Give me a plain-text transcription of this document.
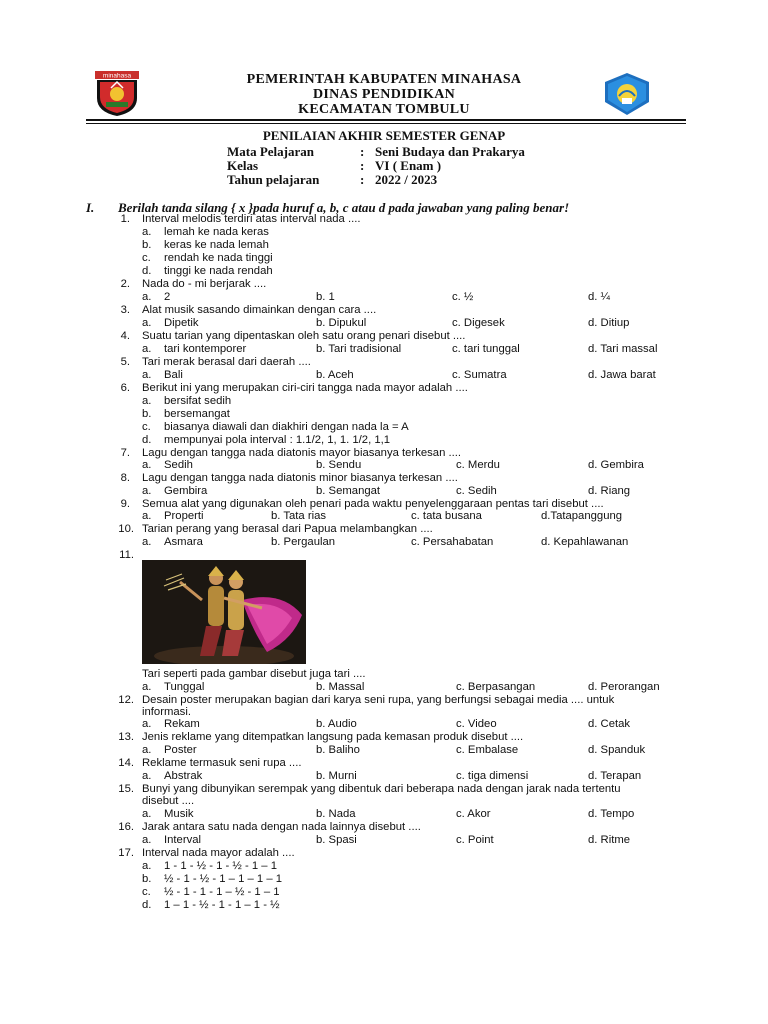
minahasa	PEMERINTAH KABUPATEN MINAHASA
DINAS PENDIDIKAN
KECAMATAN TOMBULU
PENILAIAN AKHIR SEMESTER GENAP
Mata Pelajaran	: Seni Budaya dan Prakarya
Kelas	: VI ( Enam )
Tahun pelajaran	: 2022 / 2023
I. Berilah tanda silang { x }pada huruf a, b, c atau d pada jawaban yang paling benar!
1. Interval melodis terdiri atas interval nada ....
a. lemah ke nada keras
b. keras ke nada lemah
c. rendah ke nada tinggi
d. tinggi ke nada rendah
2. Nada do - mi berjarak ....
a. 2	b. 1	c. ½	d. ¼
3. Alat musik sasando dimainkan dengan cara ....
a. Dipetik	b. Dipukul	c. Digesek	d. Ditiup
4. Suatu tarian yang dipentaskan oleh satu orang penari disebut ....
a. tari kontemporer	b. Tari tradisional	c. tari tunggal	d. Tari massal
5. Tari merak berasal dari daerah ....
a. Bali	b. Aceh	c. Sumatra	d. Jawa barat
6. Berikut ini yang merupakan ciri-ciri tangga nada mayor adalah ....
a. bersifat sedih
b. bersemangat
c. biasanya diawali dan diakhiri dengan nada la = A
d. mempunyai pola interval : 1.1/2, 1, 1. 1/2, 1,1
7. Lagu dengan tangga nada diatonis mayor biasanya terkesan ....
a. Sedih	b. Sendu	c. Merdu	d. Gembira
8. Lagu dengan tangga nada diatonis minor biasanya terkesan ....
a. Gembira	b. Semangat	c. Sedih	d. Riang
9. Semua alat yang digunakan oleh penari pada waktu penyelenggaraan pentas tari disebut ....
a. Properti	b. Tata rias	c. tata busana	d.Tatapanggung
10. Tarian perang yang berasal dari Papua melambangkan ....
a. Asmara	b. Pergaulan	c. Persahabatan	d. Kepahlawanan
11.
Tari seperti pada gambar disebut juga tari ....
a. Tunggal	b. Massal	c. Berpasangan	d. Perorangan
12. Desain poster merupakan bagian dari karya seni rupa, yang berfungsi sebagai media .... untuk
informasi.
a. Rekam	b. Audio	c. Video	d. Cetak
13. Jenis reklame yang ditempatkan langsung pada kemasan produk disebut ....
a. Poster	b. Baliho	c. Embalase	d. Spanduk
14. Reklame termasuk seni rupa ....
a. Abstrak	b. Murni	c. tiga dimensi	d. Terapan
15. Bunyi yang dibunyikan serempak yang dibentuk dari beberapa nada dengan jarak nada tertentu
disebut ....
a. Musik	b. Nada	c. Akor	d. Tempo
16. Jarak antara satu nada dengan nada lainnya disebut ....
a. Interval	b. Spasi	c. Point	d. Ritme
17. Interval nada mayor adalah ....
a. 1 - 1 - ½ - 1 - ½ - 1 – 1
b. ½ - 1 - ½ - 1 – 1 – 1 – 1
c. ½ - 1 - 1 - 1 – ½ - 1 – 1
d. 1 – 1 - ½ - 1 - 1 – 1 - ½
